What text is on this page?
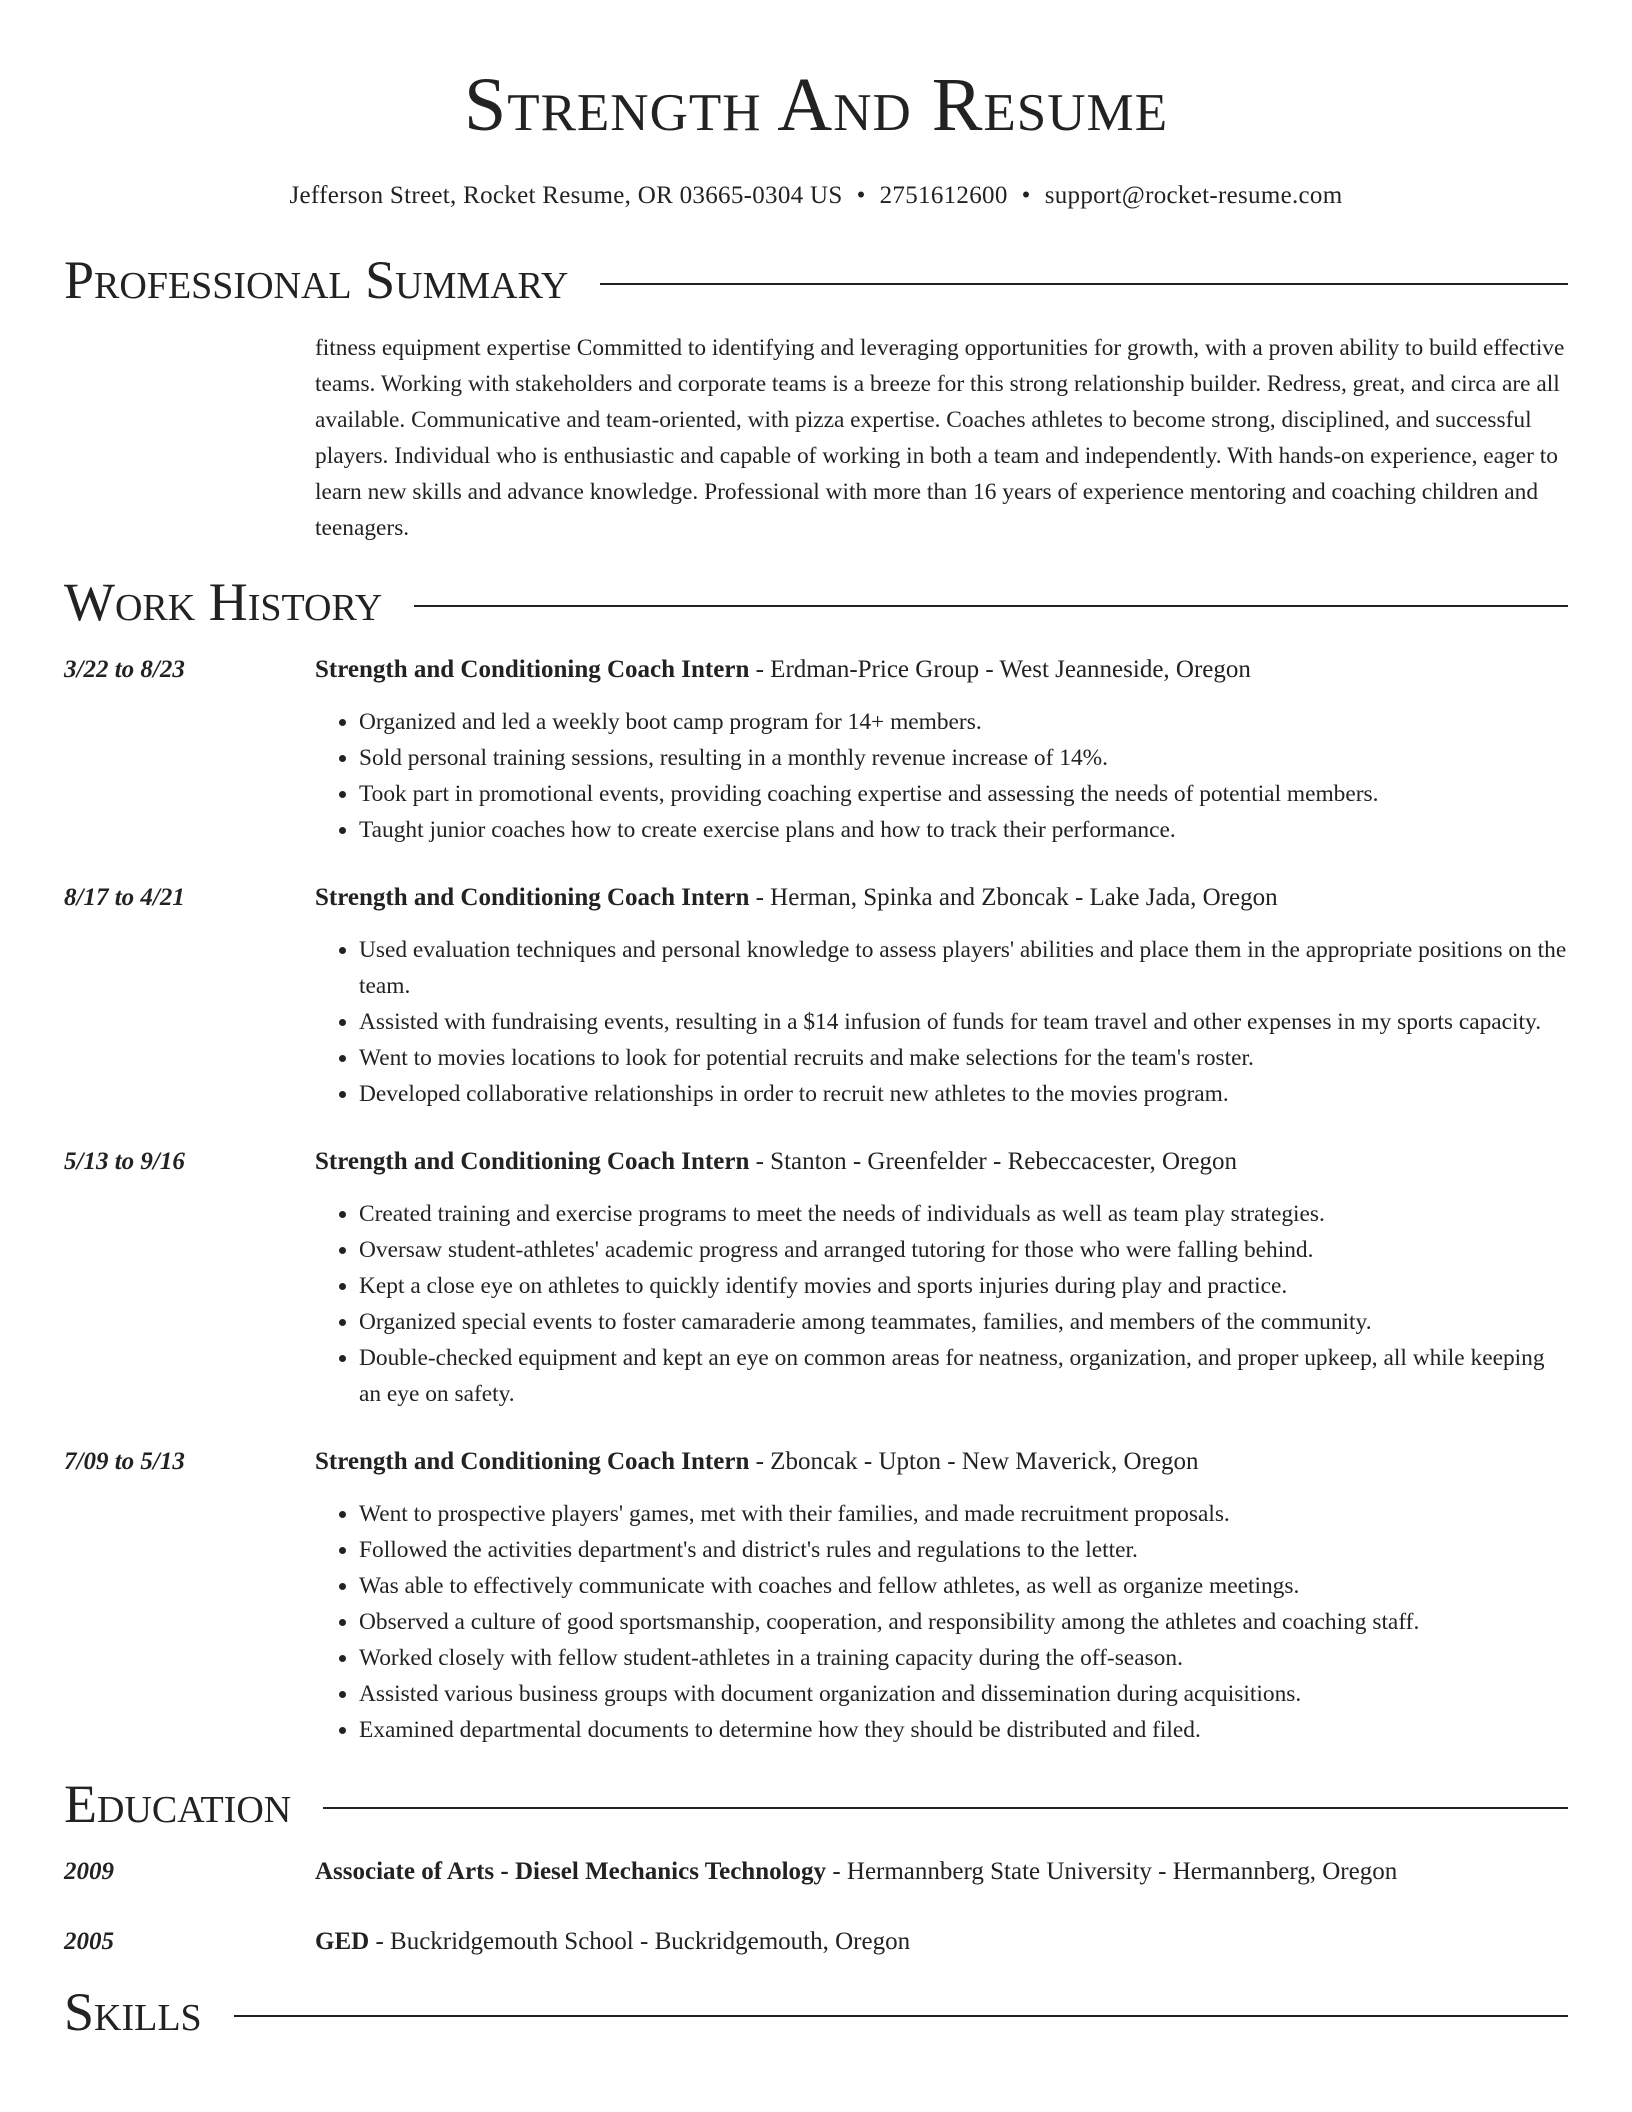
Strength And Resume
Jefferson Street, Rocket Resume, OR 03665-0304 US • 2751612600 • support@rocket-resume.com
Professional Summary
fitness equipment expertise Committed to identifying and leveraging opportunities for growth, with a proven ability to build effective teams. Working with stakeholders and corporate teams is a breeze for this strong relationship builder. Redress, great, and circa are all available. Communicative and team-oriented, with pizza expertise. Coaches athletes to become strong, disciplined, and successful players. Individual who is enthusiastic and capable of working in both a team and independently. With hands-on experience, eager to learn new skills and advance knowledge. Professional with more than 16 years of experience mentoring and coaching children and teenagers.
Work History
3/22 to 8/23	Strength and Conditioning Coach Intern - Erdman-Price Group - West Jeanneside, Oregon
• Organized and led a weekly boot camp program for 14+ members.
• Sold personal training sessions, resulting in a monthly revenue increase of 14%.
• Took part in promotional events, providing coaching expertise and assessing the needs of potential members.
• Taught junior coaches how to create exercise plans and how to track their performance.
8/17 to 4/21	Strength and Conditioning Coach Intern - Herman, Spinka and Zboncak - Lake Jada, Oregon
• Used evaluation techniques and personal knowledge to assess players' abilities and place them in the appropriate positions on the team.
• Assisted with fundraising events, resulting in a $14 infusion of funds for team travel and other expenses in my sports capacity.
• Went to movies locations to look for potential recruits and make selections for the team's roster.
• Developed collaborative relationships in order to recruit new athletes to the movies program.
5/13 to 9/16	Strength and Conditioning Coach Intern - Stanton - Greenfelder - Rebeccacester, Oregon
• Created training and exercise programs to meet the needs of individuals as well as team play strategies.
• Oversaw student-athletes' academic progress and arranged tutoring for those who were falling behind.
• Kept a close eye on athletes to quickly identify movies and sports injuries during play and practice.
• Organized special events to foster camaraderie among teammates, families, and members of the community.
• Double-checked equipment and kept an eye on common areas for neatness, organization, and proper upkeep, all while keeping an eye on safety.
7/09 to 5/13	Strength and Conditioning Coach Intern - Zboncak - Upton - New Maverick, Oregon
• Went to prospective players' games, met with their families, and made recruitment proposals.
• Followed the activities department's and district's rules and regulations to the letter.
• Was able to effectively communicate with coaches and fellow athletes, as well as organize meetings.
• Observed a culture of good sportsmanship, cooperation, and responsibility among the athletes and coaching staff.
• Worked closely with fellow student-athletes in a training capacity during the off-season.
• Assisted various business groups with document organization and dissemination during acquisitions.
• Examined departmental documents to determine how they should be distributed and filed.
Education
2009	Associate of Arts - Diesel Mechanics Technology - Hermannberg State University - Hermannberg, Oregon
2005	GED - Buckridgemouth School - Buckridgemouth, Oregon
Skills
